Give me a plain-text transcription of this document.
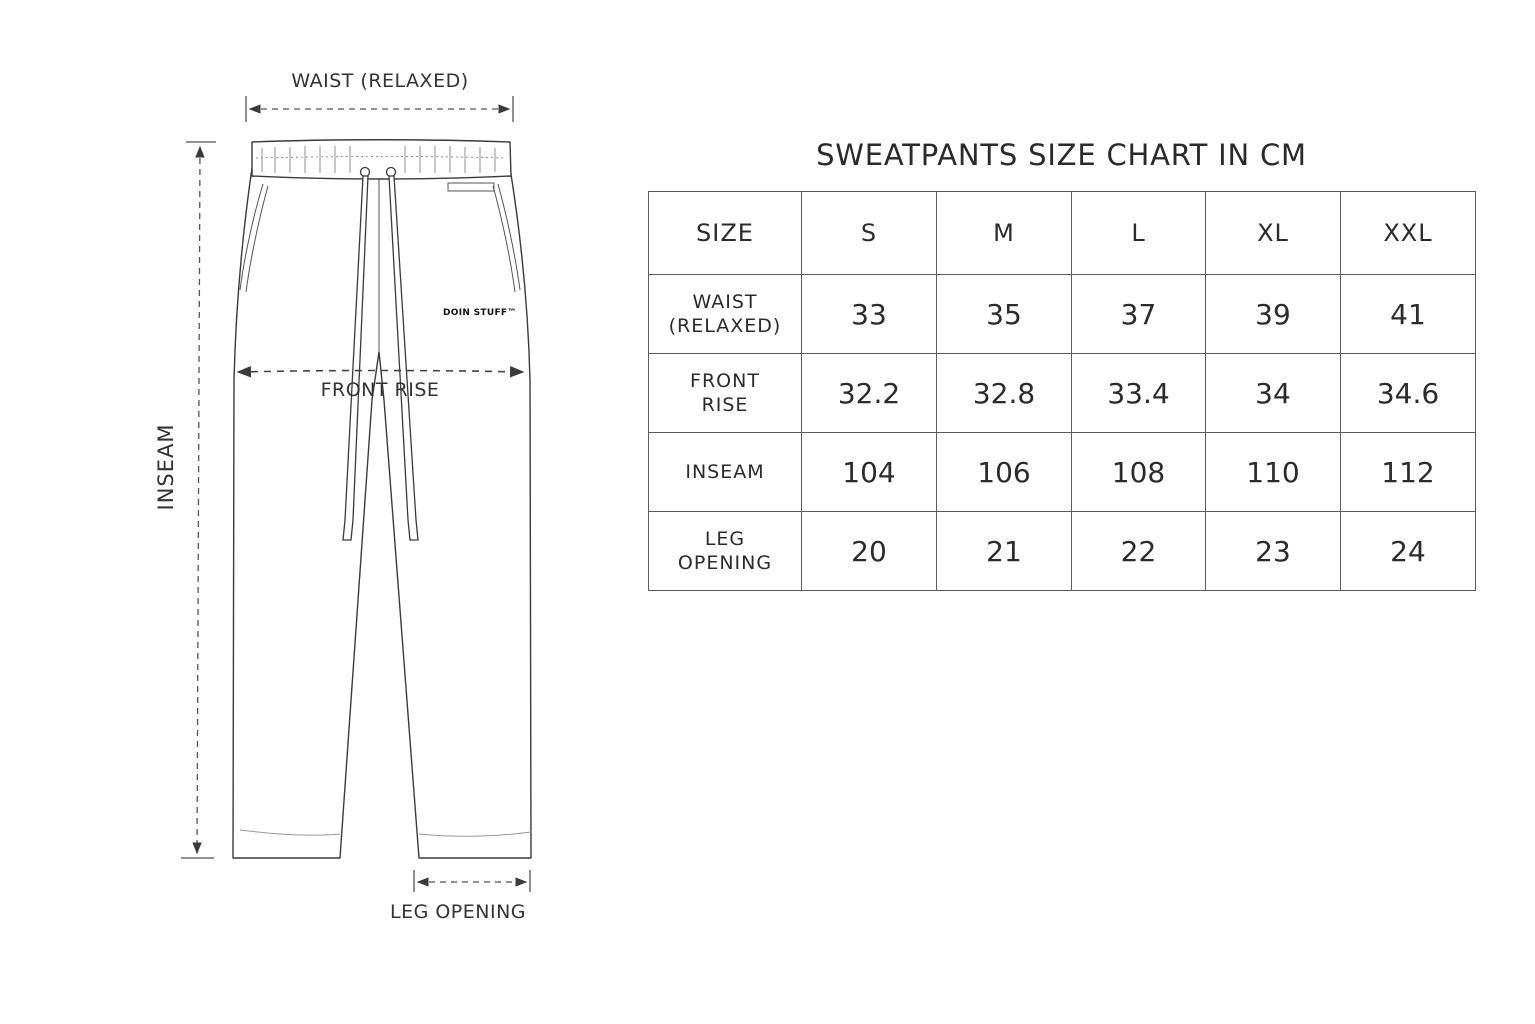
WAIST (RELAXED)
FRONT RISE
INSEAM
LEG OPENING
DOIN STUFF™
SWEATPANTS SIZE CHART IN CM
SIZE	S	M	L	XL	XXL

WAIST
(RELAXED)	33	35	37	39	41

FRONT
RISE	32.2	32.8	33.4	34	34.6

INSEAM	104	106	108	110	112

LEG
OPENING	20	21	22	23	24
